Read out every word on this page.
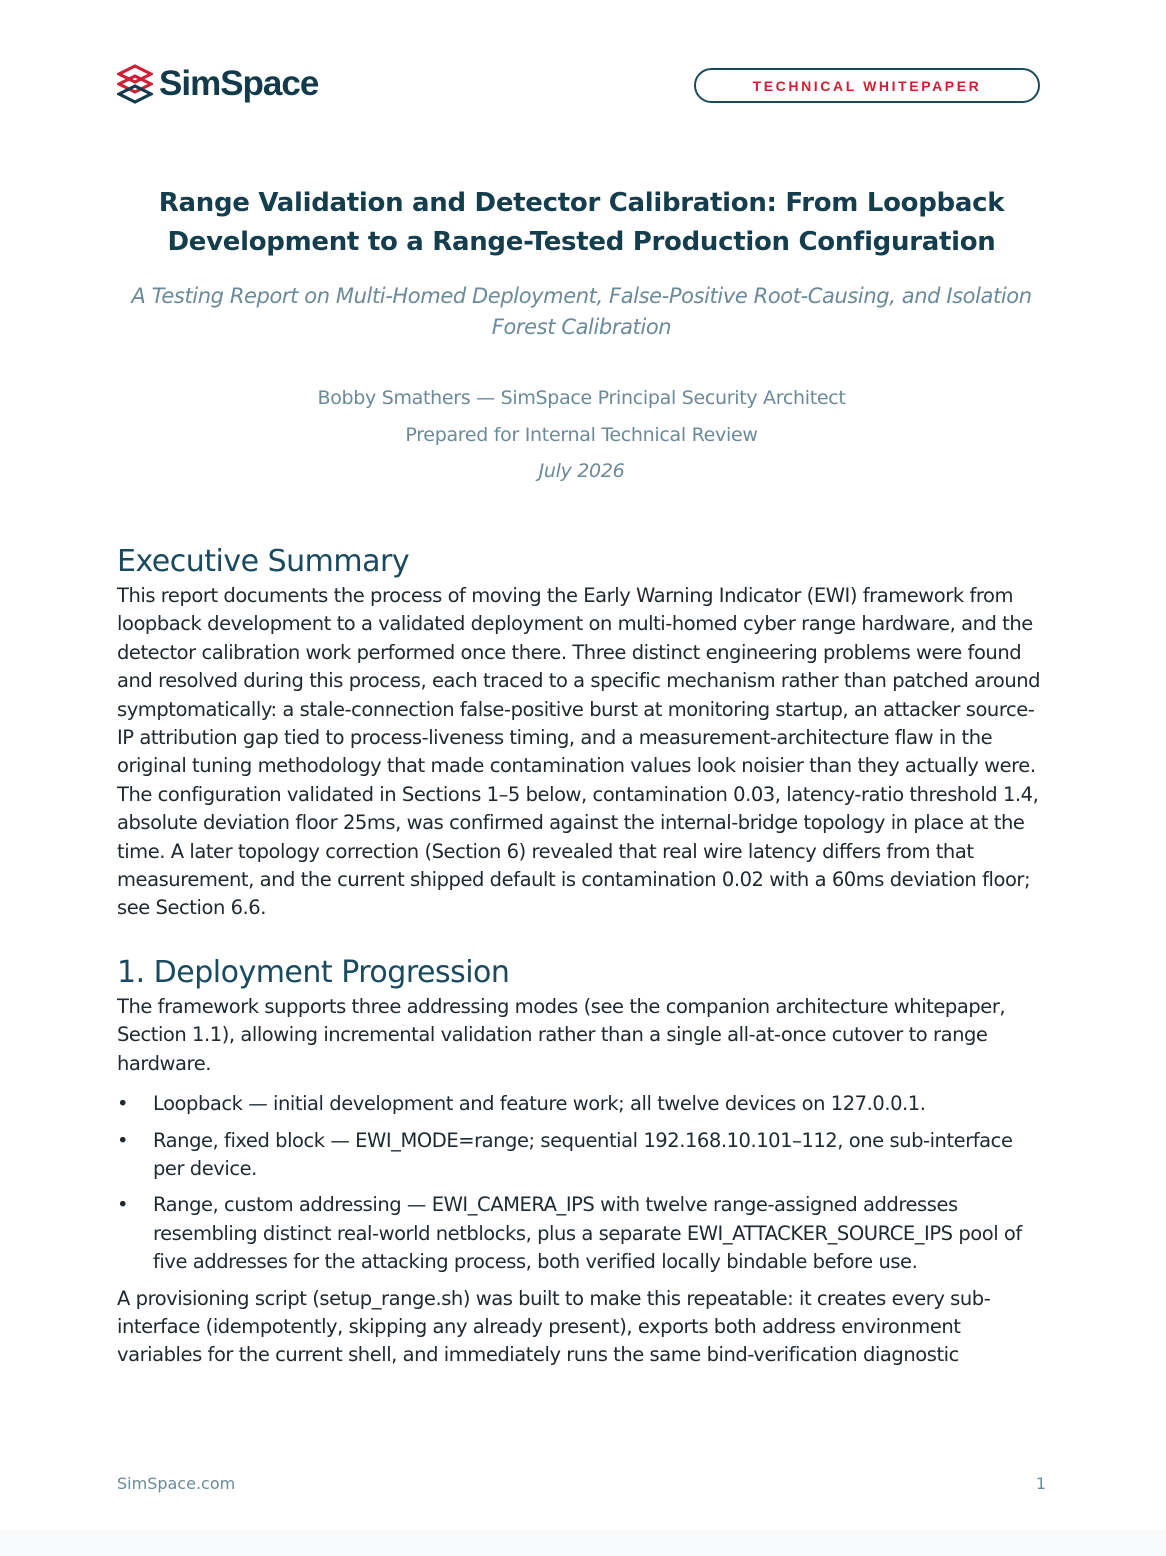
SimSpace	TECHNICAL WHITEPAPER
Range Validation and Detector Calibration: From Loopback Development to a Range-Tested Production Configuration

A Testing Report on Multi-Homed Deployment, False-Positive Root-Causing, and Isolation Forest Calibration

Bobby Smathers — SimSpace Principal Security Architect
Prepared for Internal Technical Review
July 2026
Executive Summary

This report documents the process of moving the Early Warning Indicator (EWI) framework from loopback development to a validated deployment on multi-homed cyber range hardware, and the detector calibration work performed once there. Three distinct engineering problems were found and resolved during this process, each traced to a specific mechanism rather than patched around symptomatically: a stale-connection false-positive burst at monitoring startup, an attacker source-IP attribution gap tied to process-liveness timing, and a measurement-architecture flaw in the original tuning methodology that made contamination values look noisier than they actually were. The configuration validated in Sections 1–5 below, contamination 0.03, latency-ratio threshold 1.4, absolute deviation floor 25ms, was confirmed against the internal-bridge topology in place at the time. A later topology correction (Section 6) revealed that real wire latency differs from that measurement, and the current shipped default is contamination 0.02 with a 60ms deviation floor; see Section 6.6.

1. Deployment Progression

The framework supports three addressing modes (see the companion architecture whitepaper, Section 1.1), allowing incremental validation rather than a single all-at-once cutover to range hardware.

• Loopback — initial development and feature work; all twelve devices on 127.0.0.1.
• Range, fixed block — EWI_MODE=range; sequential 192.168.10.101–112, one sub-interface per device.
• Range, custom addressing — EWI_CAMERA_IPS with twelve range-assigned addresses resembling distinct real-world netblocks, plus a separate EWI_ATTACKER_SOURCE_IPS pool of five addresses for the attacking process, both verified locally bindable before use.

A provisioning script (setup_range.sh) was built to make this repeatable: it creates every sub-interface (idempotently, skipping any already present), exports both address environment variables for the current shell, and immediately runs the same bind-verification diagnostic

SimSpace.com	1
